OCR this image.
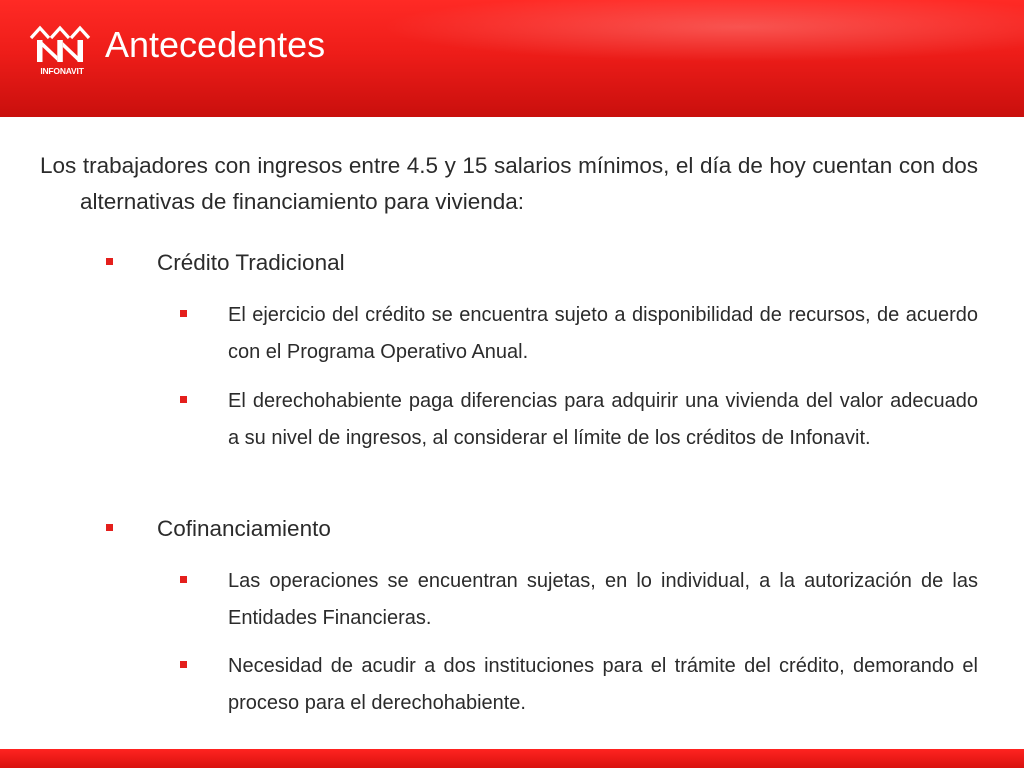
INFONAVIT
Antecedentes

Los trabajadores con ingresos entre 4.5 y 15 salarios mínimos, el día de hoy cuentan con dos alternativas de financiamiento para vivienda:

Crédito Tradicional

El ejercicio del crédito se encuentra sujeto a disponibilidad de recursos, de acuerdo con el Programa Operativo Anual.

El derechohabiente paga diferencias para adquirir una vivienda del valor adecuado a su nivel de ingresos, al considerar el límite de los créditos de Infonavit.

Cofinanciamiento

Las operaciones se encuentran sujetas, en lo individual, a la autorización de las Entidades Financieras.

Necesidad de acudir a dos instituciones para el trámite del crédito, demorando el proceso para el derechohabiente.
